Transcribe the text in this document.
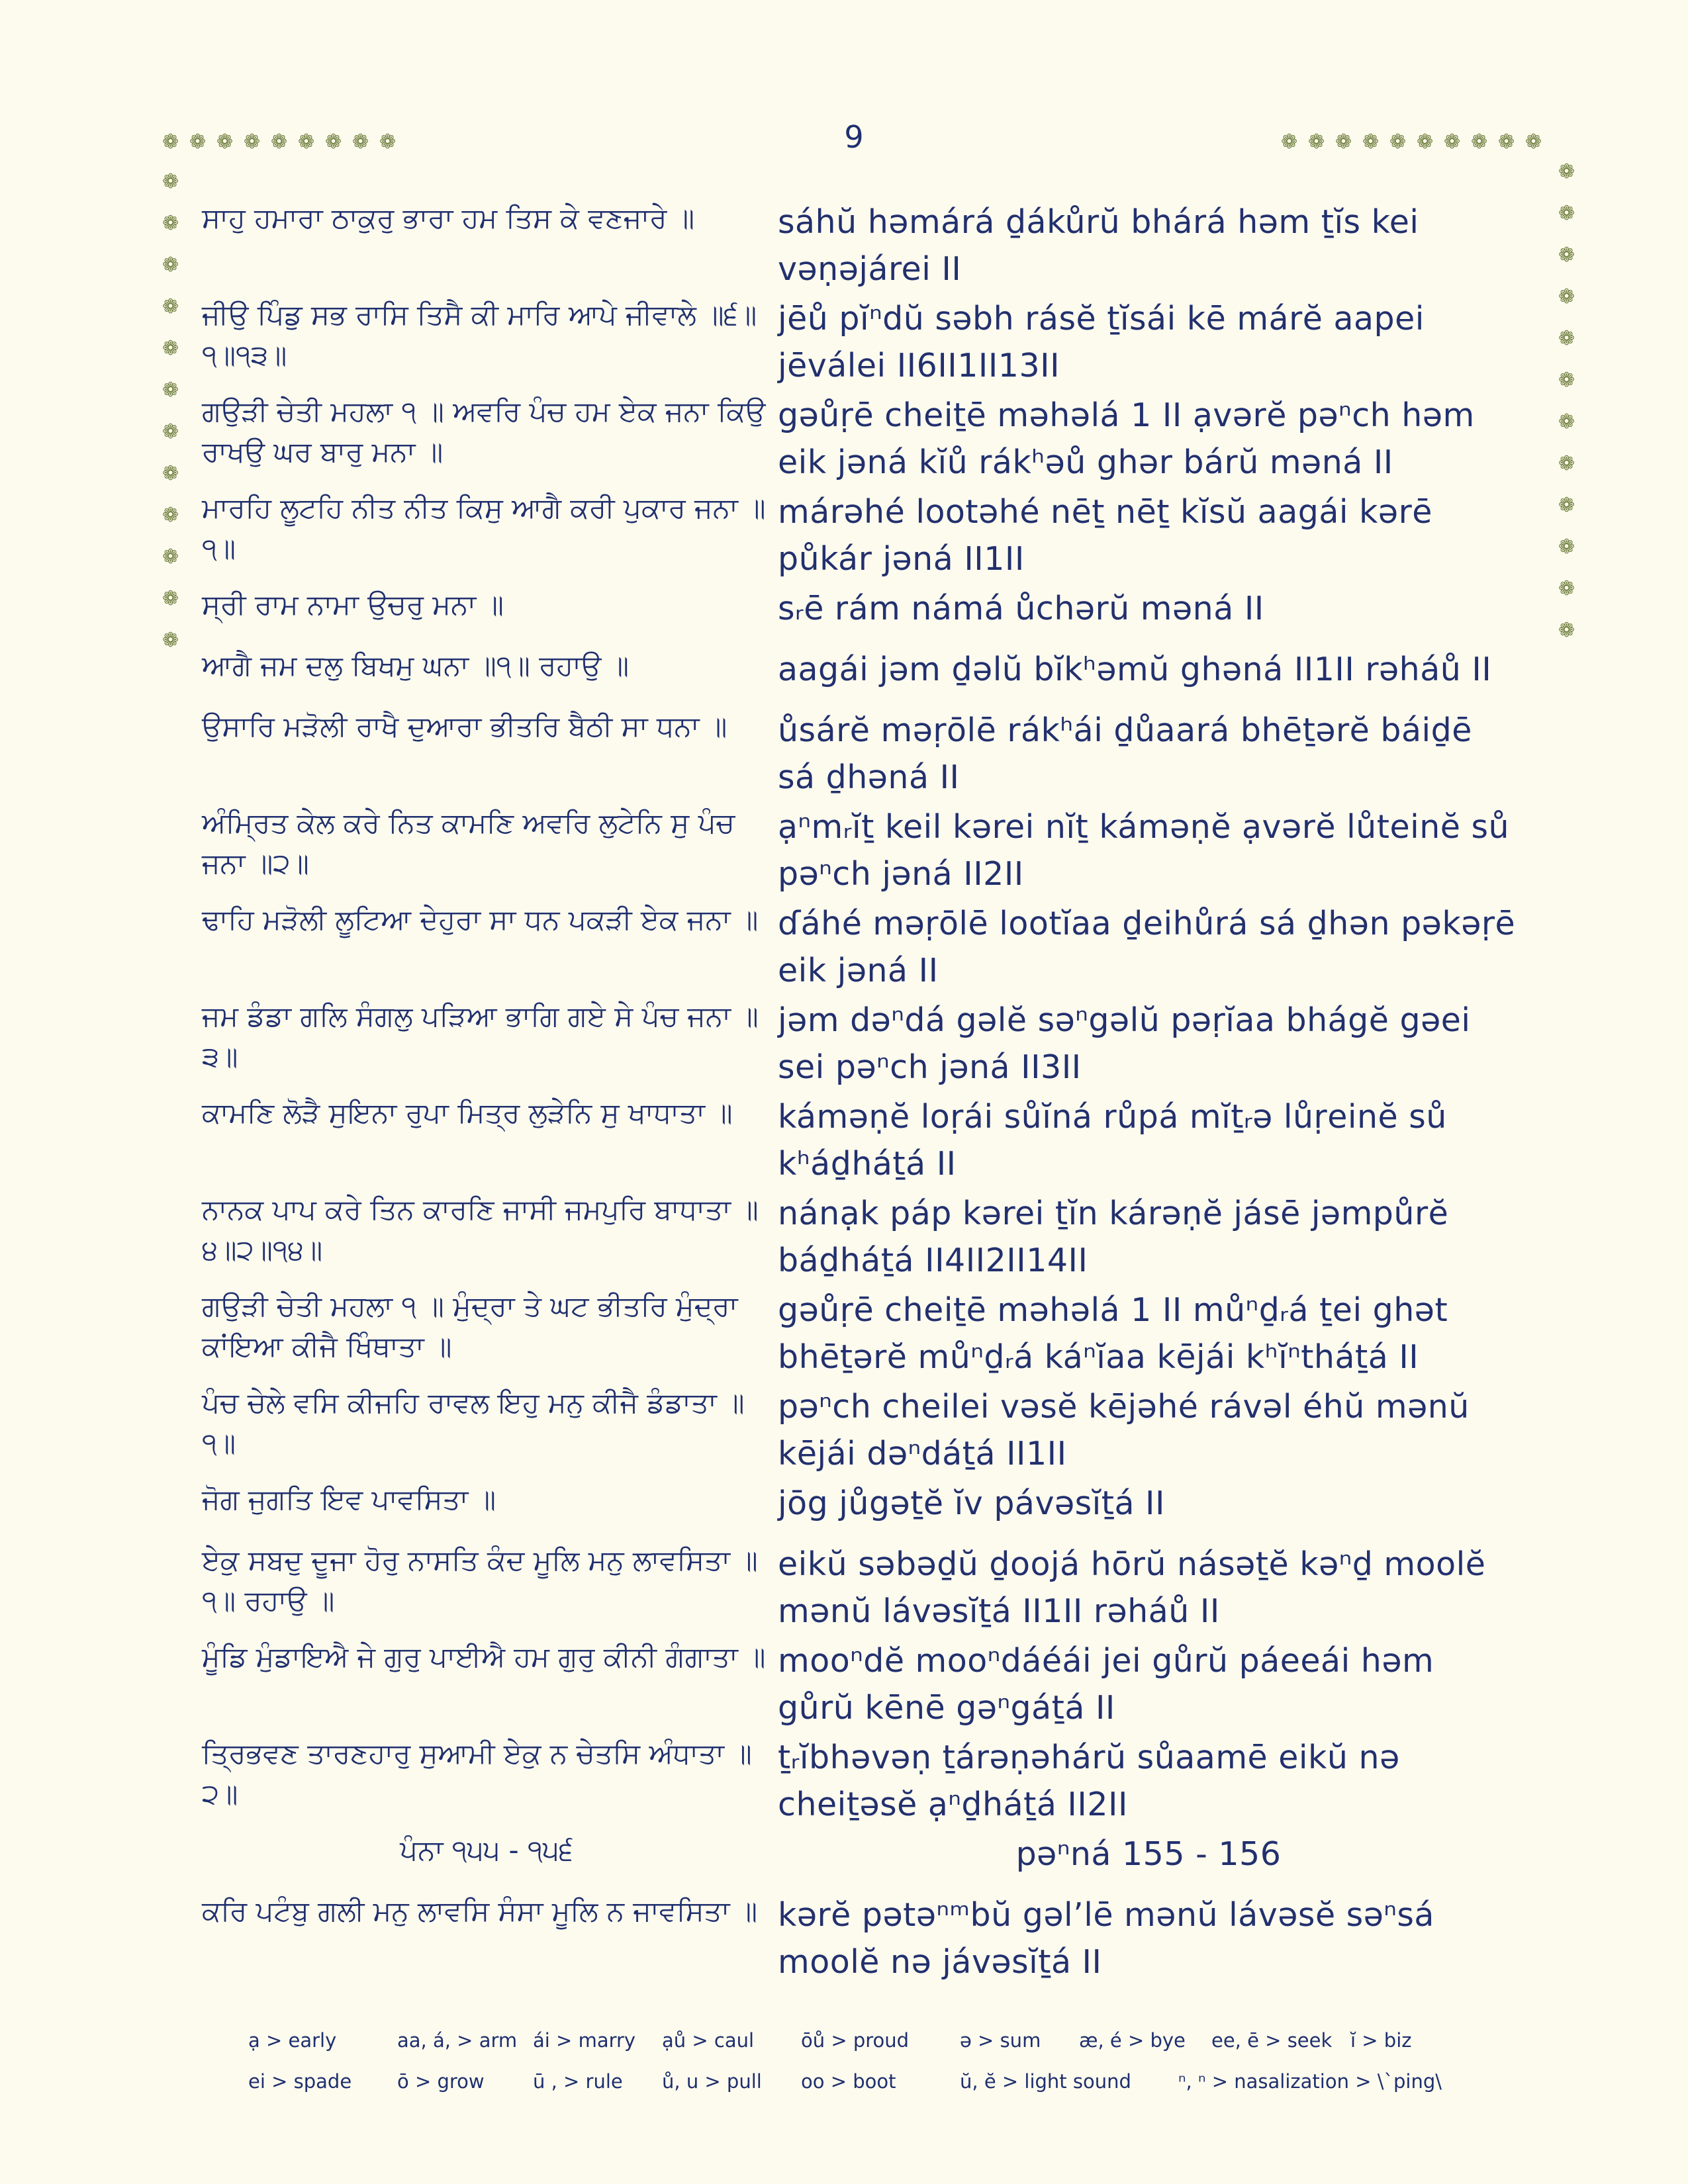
9
❁ ❁ ❁ ❁ ❁ ❁ ❁ ❁ ❁	❁ ❁ ❁ ❁ ❁ ❁ ❁ ❁ ❁ ❁
❁
❁
❁
❁
❁
❁
❁
❁
❁
❁
❁
❁
❁
❁
❁
❁
❁
❁
❁
❁
❁
❁
❁
❁
ਸਾਹੁ ਹਮਾਰਾ ਠਾਕੁਰੁ ਭਾਰਾ ਹਮ ਤਿਸ ਕੇ ਵਣਜਾਰੇ ॥	sáhŭ həmárá ḏákůrŭ bhárá həm ṯĭs kei vəṇəjárei II
ਜੀਉ ਪਿੰਡੁ ਸਭ ਰਾਸਿ ਤਿਸੈ ਕੀ ਮਾਰਿ ਆਪੇ ਜੀਵਾਲੇ ॥੬॥੧॥੧੩॥
jēů pĭⁿdŭ səbh rásĕ ṯĭsái kē márĕ aapei jēválei II6II1II13II
ਗਉੜੀ ਚੇਤੀ ਮਹਲਾ ੧ ॥ ਅਵਰਿ ਪੰਚ ਹਮ ਏਕ ਜਨਾ ਕਿਉ ਰਾਖਉ ਘਰ ਬਾਰੁ ਮਨਾ ॥
gəůṛē cheiṯē məhəlá 1 II ạvərĕ pəⁿch həm eik jəná kĭů rákʰəů ghər bárŭ məná II
ਮਾਰਹਿ ਲੂਟਹਿ ਨੀਤ ਨੀਤ ਕਿਸੁ ਆਗੈ ਕਰੀ ਪੁਕਾਰ ਜਨਾ ॥੧॥
márəhé lootəhé nēṯ nēṯ kĭsŭ aagái kərē půkár jəná II1II
ਸ੍ਰੀ ਰਾਮ ਨਾਮਾ ਉਚਰੁ ਮਨਾ ॥	sᵣē rám námá ůchərŭ məná II
ਆਗੈ ਜਮ ਦਲੁ ਬਿਖਮੁ ਘਨਾ ॥੧॥ ਰਹਾਉ ॥	aagái jəm ḏəlŭ bĭkʰəmŭ ghəná II1II rəháů II
ਉਸਾਰਿ ਮੜੋਲੀ ਰਾਖੈ ਦੁਆਰਾ ਭੀਤਰਿ ਬੈਠੀ ਸਾ ਧਨਾ ॥	ůsárĕ məṛōlē rákʰái ḏůaará bhēṯərĕ báiḏē sá ḏhəná II
ਅੰਮ੍ਰਿਤ ਕੇਲ ਕਰੇ ਨਿਤ ਕਾਮਣਿ ਅਵਰਿ ਲੁਟੇਨਿ ਸੁ ਪੰਚ ਜਨਾ ॥੨॥
ạⁿmᵣĭṯ keil kərei nĭṯ káməṇĕ ạvərĕ lůteinĕ sů pəⁿch jəná II2II
ਢਾਹਿ ਮੜੋਲੀ ਲੂਟਿਆ ਦੇਹੁਰਾ ਸਾ ਧਨ ਪਕੜੀ ਏਕ ਜਨਾ ॥ ɗáhé məṛōlē lootĭaa ḏeihůrá sá ḏhən pəkəṛē eik jəná II
ਜਮ ਡੰਡਾ ਗਲਿ ਸੰਗਲੁ ਪੜਿਆ ਭਾਗਿ ਗਏ ਸੇ ਪੰਚ ਜਨਾ ॥੩॥
jəm dəⁿdá gəlĕ səⁿgəlŭ pəṛĭaa bhágĕ gəei sei pəⁿch jəná II3II
ਕਾਮਣਿ ਲੋੜੈ ਸੁਇਨਾ ਰੁਪਾ ਮਿਤ੍ਰ ਲੁੜੇਨਿ ਸੁ ਖਾਧਾਤਾ ॥	káməṇĕ loṛái sůĭná růpá mĭṯᵣə lůṛeinĕ sů kʰáḏháṯá II
ਨਾਨਕ ਪਾਪ ਕਰੇ ਤਿਨ ਕਾਰਣਿ ਜਾਸੀ ਜਮਪੁਰਿ ਬਾਧਾਤਾ ॥੪॥੨॥੧੪॥
nánạk páp kərei ṯĭn kárəṇĕ jásē jəmpůrĕ báḏháṯá II4II2II14II
ਗਉੜੀ ਚੇਤੀ ਮਹਲਾ ੧ ॥ ਮੁੰਦ੍ਰਾ ਤੇ ਘਟ ਭੀਤਰਿ ਮੁੰਦ੍ਰਾ ਕਾਂਇਆ ਕੀਜੈ ਖਿੰਥਾਤਾ ॥
gəůṛē cheiṯē məhəlá 1 II můⁿḏᵣá ṯei ghət bhēṯərĕ můⁿḏᵣá káⁿĭaa kējái kʰĭⁿtháṯá II
ਪੰਚ ਚੇਲੇ ਵਸਿ ਕੀਜਹਿ ਰਾਵਲ ਇਹੁ ਮਨੁ ਕੀਜੈ ਡੰਡਾਤਾ ॥੧॥
pəⁿch cheilei vəsĕ kējəhé rávəl éhŭ mənŭ kējái dəⁿdáṯá II1II
ਜੋਗ ਜੁਗਤਿ ਇਵ ਪਾਵਸਿਤਾ ॥	jōg jůgəṯĕ ĭv pávəsĭṯá II
ਏਕੁ ਸਬਦੁ ਦੂਜਾ ਹੋਰੁ ਨਾਸਤਿ ਕੰਦ ਮੂਲਿ ਮਨੁ ਲਾਵਸਿਤਾ ॥੧॥ ਰਹਾਉ ॥
eikŭ səbəḏŭ ḏoojá hōrŭ násəṯĕ kəⁿḏ moolĕ mənŭ lávəsĭṯá II1II rəháů II
ਮੂੰਡਿ ਮੁੰਡਾਇਐ ਜੇ ਗੁਰੁ ਪਾਈਐ ਹਮ ਗੁਰੁ ਕੀਨੀ ਗੰਗਾਤਾ ॥ mooⁿdĕ mooⁿdáéái jei gůrŭ páeeái həm gůrŭ kēnē gəⁿgáṯá II
ਤ੍ਰਿਭਵਣ ਤਾਰਣਹਾਰੁ ਸੁਆਮੀ ਏਕੁ ਨ ਚੇਤਸਿ ਅੰਧਾਤਾ ॥੨॥
ṯᵣĭbhəvəṇ ṯárəṇəhárŭ sůaamē eikŭ nə cheiṯəsĕ ạⁿḏháṯá II2II
ਪੰਨਾ ੧੫੫ - ੧੫੬	pəⁿná 155 - 156
ਕਰਿ ਪਟੰਬੁ ਗਲੀ ਮਨੁ ਲਾਵਸਿ ਸੰਸਾ ਮੂਲਿ ਨ ਜਾਵਸਿਤਾ ॥ kərĕ pətəⁿᵐbŭ gəl’lē mənŭ lávəsĕ səⁿsá moolĕ nə jávəsĭṯá II
ạ > early	aa, á, > arm ái > marry	ạů > caul	ōů > proud	ə > sum	æ, é > bye	ee, ē > seek ĭ > biz
ei > spade	ō > grow	ū , > rule	ů, u > pull	oo > boot	ŭ, ĕ > light sound	ⁿ, ⁿ > nasalization > \`ping\
